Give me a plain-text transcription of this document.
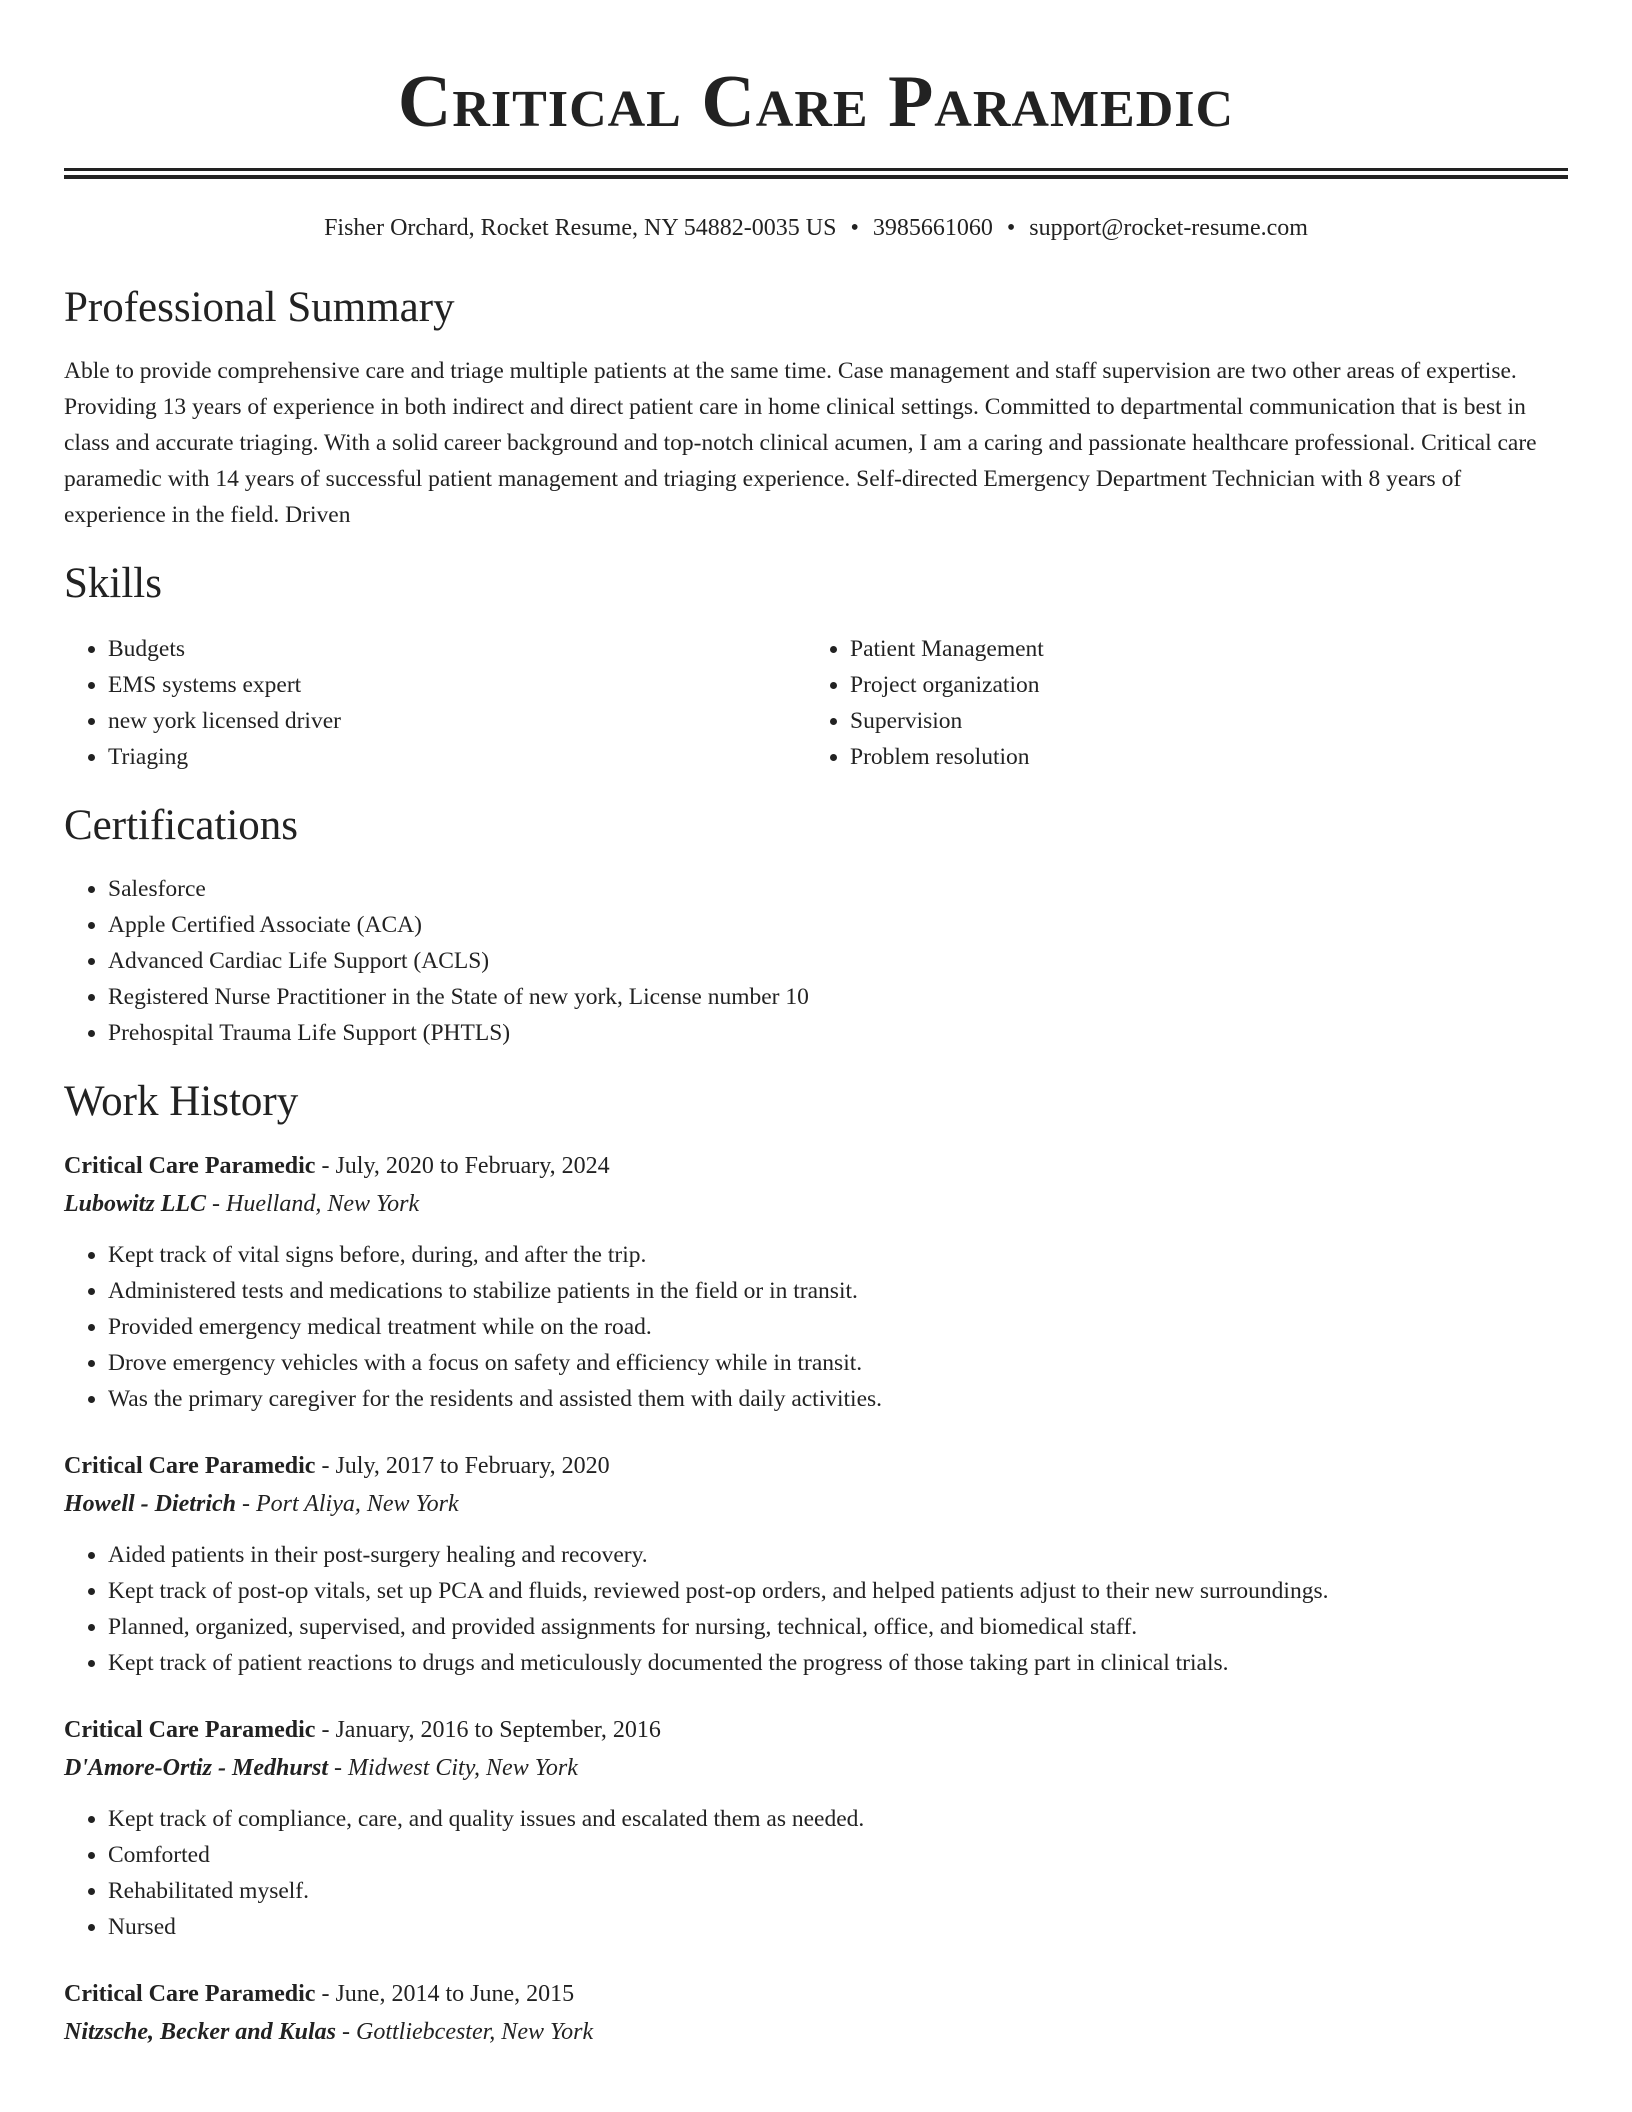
Critical Care Paramedic
Fisher Orchard, Rocket Resume, NY 54882-0035 US • 3985661060 • support@rocket-resume.com
Professional Summary

Able to provide comprehensive care and triage multiple patients at the same time. Case management and staff supervision are two other areas of expertise. Providing 13 years of experience in both indirect and direct patient care in home clinical settings. Committed to departmental communication that is best in class and accurate triaging. With a solid career background and top-notch clinical acumen, I am a caring and passionate healthcare professional. Critical care paramedic with 14 years of successful patient management and triaging experience. Self-directed Emergency Department Technician with 8 years of experience in the field. Driven

Skills
• Budgets
• EMS systems expert
• new york licensed driver
• Triaging
• Patient Management
• Project organization
• Supervision
• Problem resolution
Certifications
• Salesforce
• Apple Certified Associate (ACA)
• Advanced Cardiac Life Support (ACLS)
• Registered Nurse Practitioner in the State of new york, License number 10
• Prehospital Trauma Life Support (PHTLS)
Work History
Critical Care Paramedic - July, 2020 to February, 2024
Lubowitz LLC - Huelland, New York
• Kept track of vital signs before, during, and after the trip.
• Administered tests and medications to stabilize patients in the field or in transit.
• Provided emergency medical treatment while on the road.
• Drove emergency vehicles with a focus on safety and efficiency while in transit.
• Was the primary caregiver for the residents and assisted them with daily activities.
Critical Care Paramedic - July, 2017 to February, 2020
Howell - Dietrich - Port Aliya, New York
• Aided patients in their post-surgery healing and recovery.
• Kept track of post-op vitals, set up PCA and fluids, reviewed post-op orders, and helped patients adjust to their new surroundings.
• Planned, organized, supervised, and provided assignments for nursing, technical, office, and biomedical staff.
• Kept track of patient reactions to drugs and meticulously documented the progress of those taking part in clinical trials.
Critical Care Paramedic - January, 2016 to September, 2016
D'Amore-Ortiz - Medhurst - Midwest City, New York
• Kept track of compliance, care, and quality issues and escalated them as needed.
• Comforted
• Rehabilitated myself.
• Nursed
Critical Care Paramedic - June, 2014 to June, 2015
Nitzsche, Becker and Kulas - Gottliebcester, New York
